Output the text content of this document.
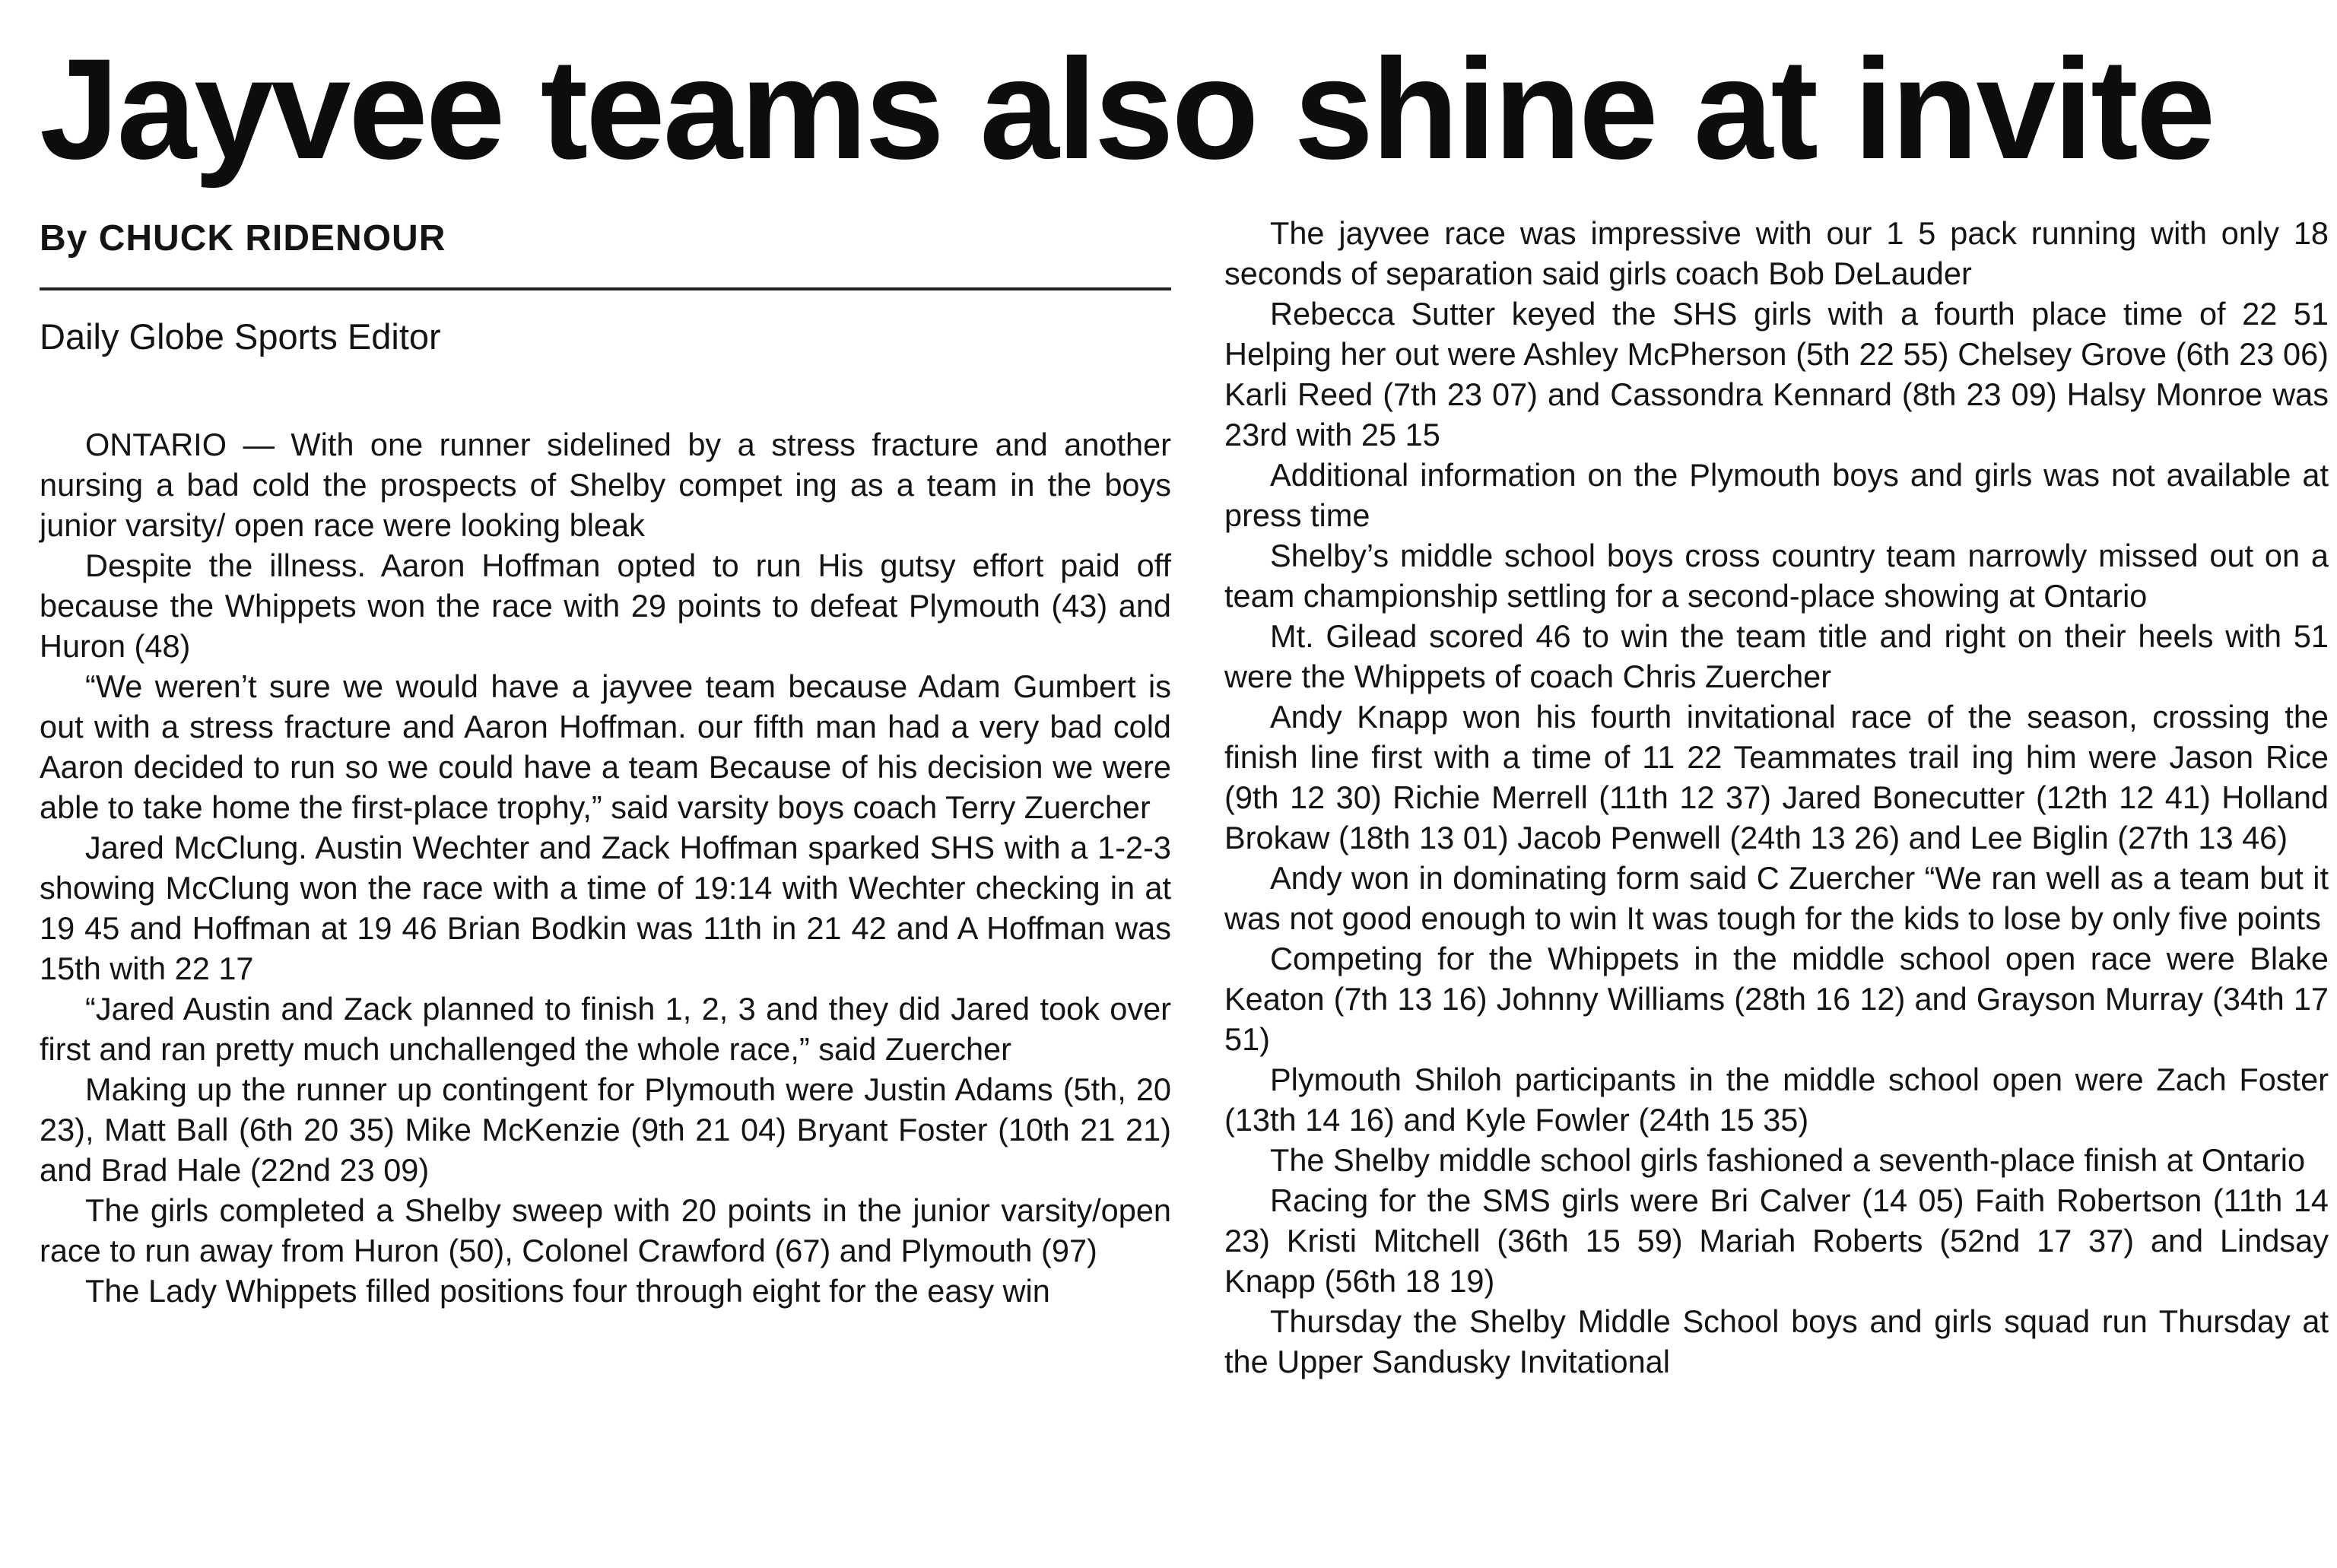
Jayvee teams also shine at invite
By CHUCK RIDENOUR
Daily Globe Sports Editor

ONTARIO — With one runner sidelined by a stress fracture and another nursing a bad cold the prospects of Shelby compet ing as a team in the boys junior varsity/ open race were looking bleak

Despite the illness. Aaron Hoffman opted to run His gutsy effort paid off because the Whippets won the race with 29 points to defeat Plymouth (43) and Huron (48)

“We weren’t sure we would have a jayvee team because Adam Gumbert is out with a stress fracture and Aaron Hoffman. our fifth man had a very bad cold Aaron decided to run so we could have a team Because of his decision we were able to take home the first-place trophy,” said varsity boys coach Terry Zuercher

Jared McClung. Austin Wechter and Zack Hoffman sparked SHS with a 1-2-3 showing McClung won the race with a time of 19:14 with Wechter checking in at 19 45 and Hoffman at 19 46 Brian Bodkin was 11th in 21 42 and A Hoffman was 15th with 22 17

“Jared Austin and Zack planned to finish 1, 2, 3 and they did Jared took over first and ran pretty much unchallenged the whole race,” said Zuercher

Making up the runner up contingent for Plymouth were Justin Adams (5th, 20 23), Matt Ball (6th 20 35) Mike McKenzie (9th 21 04) Bryant Foster (10th 21 21) and Brad Hale (22nd 23 09)

The girls completed a Shelby sweep with 20 points in the junior varsity/open race to run away from Huron (50), Colonel Crawford (67) and Plymouth (97)

The Lady Whippets filled positions four through eight for the easy win

The jayvee race was impressive with our 1 5 pack running with only 18 seconds of separation said girls coach Bob DeLauder

Rebecca Sutter keyed the SHS girls with a fourth place time of 22 51 Helping her out were Ashley McPherson (5th 22 55) Chelsey Grove (6th 23 06) Karli Reed (7th 23 07) and Cassondra Kennard (8th 23 09) Halsy Monroe was 23rd with 25 15

Additional information on the Plymouth boys and girls was not available at press time

Shelby’s middle school boys cross country team narrowly missed out on a team championship settling for a second-place showing at Ontario

Mt. Gilead scored 46 to win the team title and right on their heels with 51 were the Whippets of coach Chris Zuercher

Andy Knapp won his fourth invitational race of the season, crossing the finish line first with a time of 11 22 Teammates trail ing him were Jason Rice (9th 12 30) Richie Merrell (11th 12 37) Jared Bonecutter (12th 12 41) Holland Brokaw (18th 13 01) Jacob Penwell (24th 13 26) and Lee Biglin (27th 13 46)

Andy won in dominating form said C Zuercher “We ran well as a team but it was not good enough to win It was tough for the kids to lose by only five points

Competing for the Whippets in the middle school open race were Blake Keaton (7th 13 16) Johnny Williams (28th 16 12) and Grayson Murray (34th 17 51)

Plymouth Shiloh participants in the middle school open were Zach Foster (13th 14 16) and Kyle Fowler (24th 15 35)

The Shelby middle school girls fashioned a seventh-place finish at Ontario

Racing for the SMS girls were Bri Calver (14 05) Faith Robertson (11th 14 23) Kristi Mitchell (36th 15 59) Mariah Roberts (52nd 17 37) and Lindsay Knapp (56th 18 19)

Thursday the Shelby Middle School boys and girls squad run Thursday at the Upper Sandusky Invitational
